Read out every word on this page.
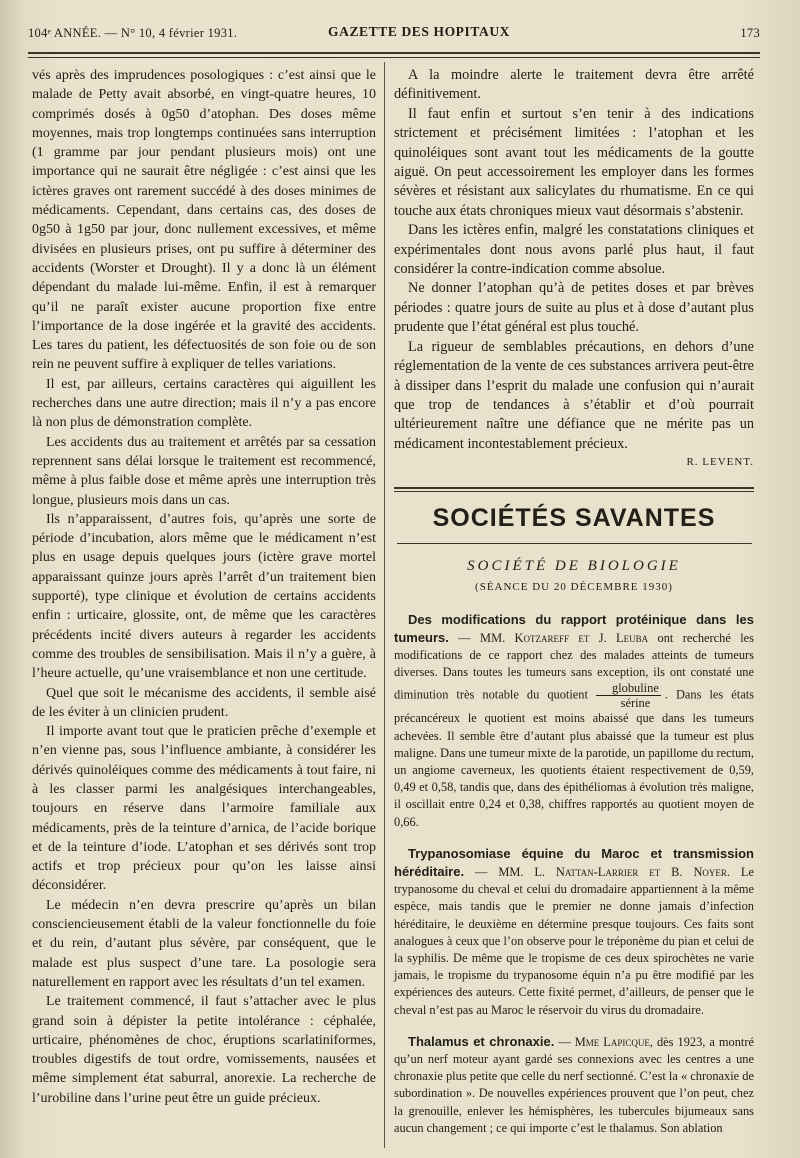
104ᵉ ANNÉE. — N° 10, 4 février 1931.	GAZETTE DES HOPITAUX	173

vés après des imprudences posologiques : c’est ainsi que le malade de Petty avait absorbé, en vingt-quatre heures, 10 comprimés dosés à 0g50 d’atophan. Des doses même moyennes, mais trop longtemps continuées sans interruption (1 gramme par jour pendant plusieurs mois) ont une importance qui ne saurait être négligée : c’est ainsi que les ictères graves ont rarement succédé à des doses minimes de médicaments. Cependant, dans certains cas, des doses de 0g50 à 1g50 par jour, donc nullement excessives, et même divisées en plusieurs prises, ont pu suffire à déterminer des accidents (Worster et Drought). Il y a donc là un élément dépendant du malade lui-même. Enfin, il est à remarquer qu’il ne paraît exister aucune proportion fixe entre l’importance de la dose ingérée et la gravité des accidents. Les tares du patient, les défectuosités de son foie ou de son rein ne peuvent suffire à expliquer de telles variations.

Il est, par ailleurs, certains caractères qui aiguillent les recherches dans une autre direction; mais il n’y a pas encore là non plus de démonstration complète.

Les accidents dus au traitement et arrêtés par sa cessation reprennent sans délai lorsque le traitement est recommencé, même à plus faible dose et même après une interruption très longue, plusieurs mois dans un cas.

Ils n’apparaissent, d’autres fois, qu’après une sorte de période d’incubation, alors même que le médicament n’est plus en usage depuis quelques jours (ictère grave mortel apparaissant quinze jours après l’arrêt d’un traitement bien supporté), type clinique et évolution de certains accidents enfin : urticaire, glossite, ont, de même que les caractères précédents incité divers auteurs à regarder les accidents comme des troubles de sensibilisation. Mais il n’y a guère, à l’heure actuelle, qu’une vraisemblance et non une certitude.

Quel que soit le mécanisme des accidents, il semble aisé de les éviter à un clinicien prudent.

Il importe avant tout que le praticien prêche d’exemple et n’en vienne pas, sous l’influence ambiante, à considérer les dérivés quinoléiques comme des médicaments à tout faire, ni à les classer parmi les analgésiques interchangeables, toujours en réserve dans l’armoire familiale aux médicaments, près de la teinture d’arnica, de l’acide borique et de la teinture d’iode. L’atophan et ses dérivés sont trop actifs et trop précieux pour qu’on les laisse ainsi déconsidérer.

Le médecin n’en devra prescrire qu’après un bilan consciencieusement établi de la valeur fonctionnelle du foie et du rein, d’autant plus sévère, par conséquent, que le malade est plus suspect d’une tare. La posologie sera naturellement en rapport avec les résultats d’un tel examen.

Le traitement commencé, il faut s’attacher avec le plus grand soin à dépister la petite intolérance : céphalée, urticaire, phénomènes de choc, éruptions scarlatiniformes, troubles digestifs de tout ordre, vomissements, nausées et même simplement état saburral, anorexie. La recherche de l’urobiline dans l’urine peut être un guide précieux.

A la moindre alerte le traitement devra être arrêté définitivement.

Il faut enfin et surtout s’en tenir à des indications strictement et précisément limitées : l’atophan et les quinoléiques sont avant tout les médicaments de la goutte aiguë. On peut accessoirement les employer dans les formes sévères et résistant aux salicylates du rhumatisme. En ce qui touche aux états chroniques mieux vaut désormais s’abstenir.

Dans les ictères enfin, malgré les constatations cliniques et expérimentales dont nous avons parlé plus haut, il faut considérer la contre-indication comme absolue.

Ne donner l’atophan qu’à de petites doses et par brèves périodes : quatre jours de suite au plus et à dose d’autant plus prudente que l’état général est plus touché.

La rigueur de semblables précautions, en dehors d’une réglementation de la vente de ces substances arrivera peut-être à dissiper dans l’esprit du malade une confusion qui n’aurait que trop de tendances à s’établir et d’où pourrait ultérieurement naître une défiance que ne mérite pas un médicament incontestablement précieux.

R. LEVENT.
SOCIÉTÉS SAVANTES
SOCIÉTÉ DE BIOLOGIE
(SÉANCE DU 20 DÉCEMBRE 1930)

Des modifications du rapport protéinique dans les tumeurs. — MM. Kotzareff et J. Leuba ont recherché les modifications de ce rapport chez des malades atteints de tumeurs diverses. Dans toutes les tumeurs sans exception, ils ont constaté une diminution très notable du quotient $\frac{\text{globuline}}{\text{sérine}}$ . Dans les états précancéreux le quotient est moins abaissé que dans les tumeurs achevées. Il semble être d’autant plus abaissé que la tumeur est plus maligne. Dans une tumeur mixte de la parotide, un papillome du rectum, un angiome caverneux, les quotients étaient respectivement de 0,59, 0,49 et 0,58, tandis que, dans des épithéliomas à évolution très maligne, il oscillait entre 0,24 et 0,38, chiffres rapportés au quotient moyen de 0,66.

Trypanosomiase équine du Maroc et transmission héréditaire. — MM. L. Nattan-Larrier et B. Noyer. Le trypanosome du cheval et celui du dromadaire appartiennent à la même espèce, mais tandis que le premier ne donne jamais d’infection héréditaire, le deuxième en détermine presque toujours. Ces faits sont analogues à ceux que l’on observe pour le tréponème du pian et celui de la syphilis. De même que le tropisme de ces deux spirochètes ne varie jamais, le tropisme du trypanosome équin n’a pu être modifié par les expériences des auteurs. Cette fixité permet, d’ailleurs, de penser que le cheval n’est pas au Maroc le réservoir du virus du dromadaire.

Thalamus et chronaxie. — Mme Lapicque, dès 1923, a montré qu’un nerf moteur ayant gardé ses connexions avec les centres a une chronaxie plus petite que celle du nerf sectionné. C’est la « chronaxie de subordination ». De nouvelles expériences prouvent que l’on peut, chez la grenouille, enlever les hémisphères, les tubercules bijumeaux sans aucun changement ; ce qui importe c’est le thalamus. Son ablation
